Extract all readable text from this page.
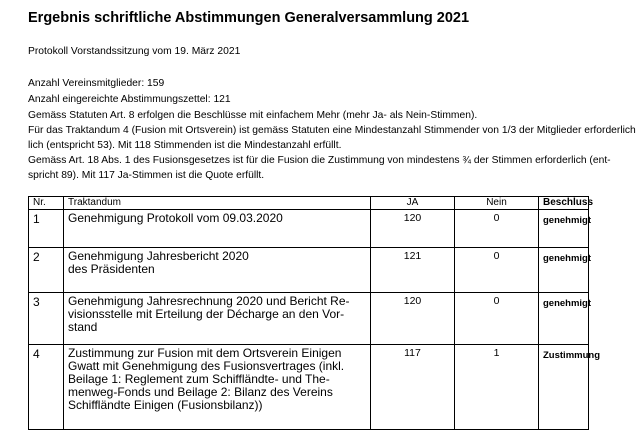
Ergebnis schriftliche Abstimmungen Generalversammlung 2021
Protokoll Vorstandssitzung vom 19. März 2021
Anzahl Vereinsmitglieder: 159
Anzahl eingereichte Abstimmungszettel: 121
Gemäss Statuten Art. 8 erfolgen die Beschlüsse mit einfachem Mehr (mehr Ja- als Nein-Stimmen).
Für das Traktandum 4 (Fusion mit Ortsverein) ist gemäss Statuten eine Mindestanzahl Stimmender von 1/3 der Mitglieder erforderlich
lich (entspricht 53). Mit 118 Stimmenden ist die Mindestanzahl erfüllt.
Gemäss Art. 18 Abs. 1 des Fusionsgesetzes ist für die Fusion die Zustimmung von mindestens ¾ der Stimmen erforderlich (ent-
spricht 89). Mit 117 Ja-Stimmen ist die Quote erfüllt.
Nr.	Traktandum	JA	Nein	Beschluss
1	Genehmigung Protokoll vom 09.03.2020	120	0	genehmigt
2	Genehmigung Jahresbericht 2020
des Präsidenten	121	0	genehmigt
3	Genehmigung Jahresrechnung 2020 und Bericht Re-
visionsstelle mit Erteilung der Décharge an den Vor-
stand	120	0	genehmigt
4	Zustimmung zur Fusion mit dem Ortsverein Einigen
Gwatt mit Genehmigung des Fusionsvertrages (inkl.
Beilage 1: Reglement zum Schiffländte- und The-
menweg-Fonds und Beilage 2: Bilanz des Vereins
Schiffländte Einigen (Fusionsbilanz))	117	1	Zustimmung
